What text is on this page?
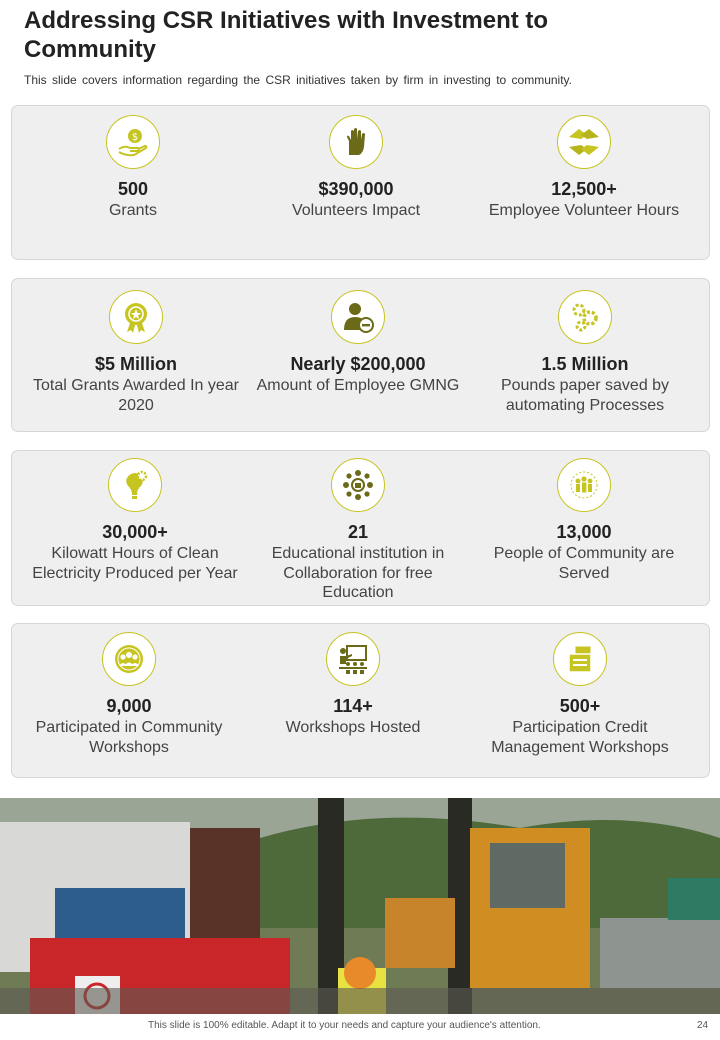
Addressing CSR Initiatives with Investment to Community
This slide covers information regarding the CSR initiatives taken by firm in investing to community.
$
500
Grants
$390,000
Volunteers Impact
12,500+
Employee Volunteer Hours
$5 Million
Total Grants Awarded In year 2020
Nearly $200,000
Amount of Employee GMNG
1.5 Million
Pounds paper saved by automating Processes
30,000+
Kilowatt Hours of Clean Electricity Produced per Year
21
Educational institution in Collaboration for free Education
13,000
People of Community are Served
9,000
Participated in Community Workshops
114+
Workshops Hosted
500+
Participation Credit Management Workshops
This slide is 100% editable. Adapt it to your needs and capture your audience's attention.	24
